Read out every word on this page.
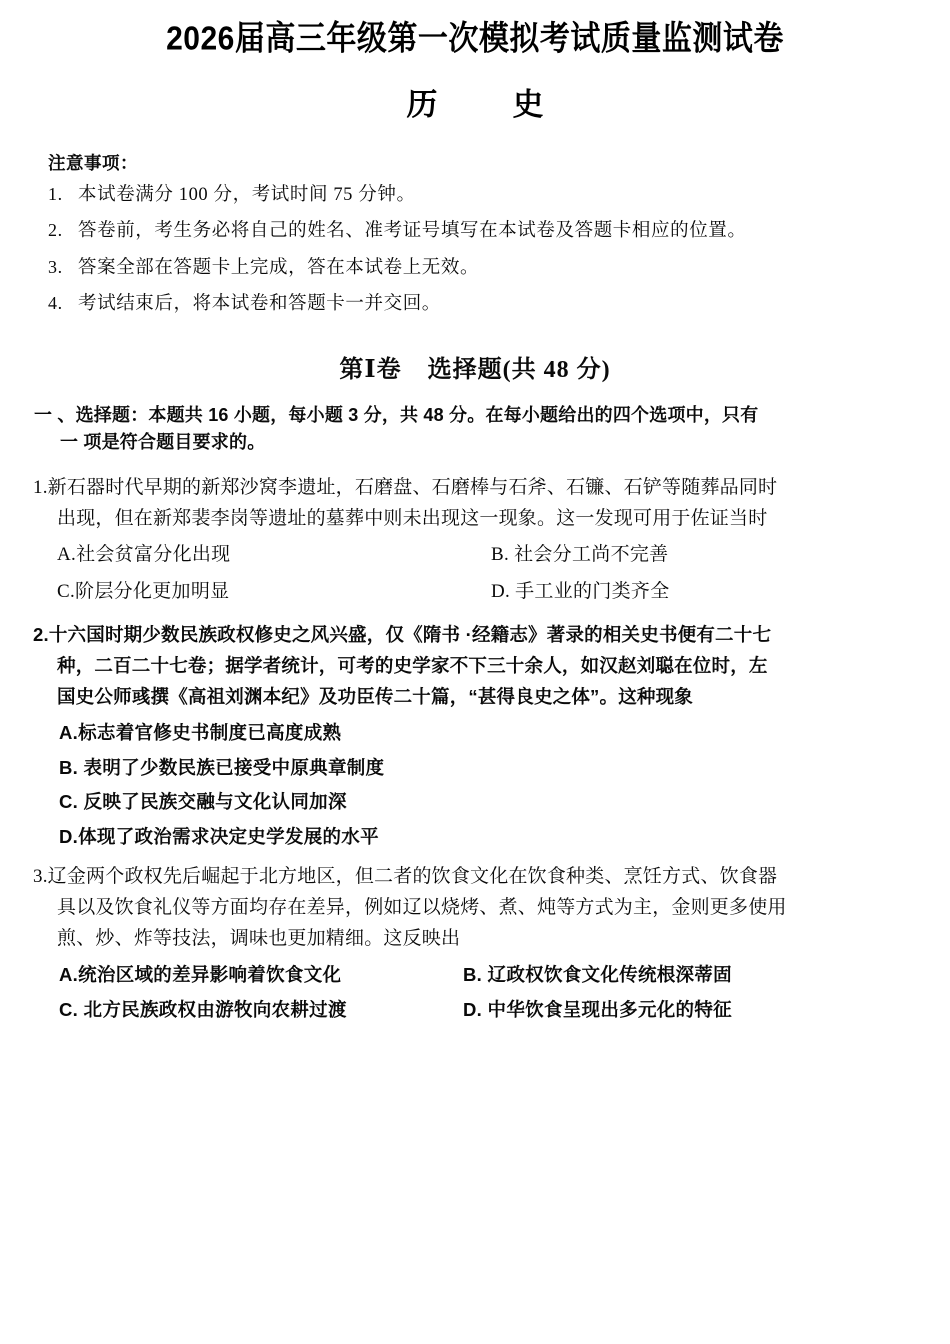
2026届高三年级第一次模拟考试质量监测试卷
历　史
注意事项：
1. 本试卷满分 100 分，考试时间 75 分钟。
2. 答卷前，考生务必将自己的姓名、准考证号填写在本试卷及答题卡相应的位置。
3. 答案全部在答题卡上完成，答在本试卷上无效。
4. 考试结束后，将本试卷和答题卡一并交回。
第Ⅰ卷 选择题(共 48 分)
一 、选择题：本题共 16 小题，每小题 3 分，共 48 分。在每小题给出的四个选项中，只有
一 项是符合题目要求的。
1.新石器时代早期的新郑沙窝李遗址，石磨盘、石磨棒与石斧、石镰、石铲等随葬品同时
出现，但在新郑裴李岗等遗址的墓葬中则未出现这一现象。这一发现可用于佐证当时
A.社会贫富分化出现	B. 社会分工尚不完善
C.阶层分化更加明显	D. 手工业的门类齐全
2.十六国时期少数民族政权修史之风兴盛，仅《隋书 ·经籍志》著录的相关史书便有二十七
种，二百二十七卷；据学者统计，可考的史学家不下三十余人，如汉赵刘聪在位时，左
国史公师彧撰《高祖刘渊本纪》及功臣传二十篇，“甚得良史之体”。这种现象
A.标志着官修史书制度已高度成熟
B. 表明了少数民族已接受中原典章制度
C. 反映了民族交融与文化认同加深
D.体现了政治需求决定史学发展的水平
3.辽金两个政权先后崛起于北方地区，但二者的饮食文化在饮食种类、烹饪方式、饮食器
具以及饮食礼仪等方面均存在差异，例如辽以烧烤、煮、炖等方式为主，金则更多使用
煎、炒、炸等技法，调味也更加精细。这反映出
A.统治区域的差异影响着饮食文化	B. 辽政权饮食文化传统根深蒂固
C. 北方民族政权由游牧向农耕过渡	D. 中华饮食呈现出多元化的特征
